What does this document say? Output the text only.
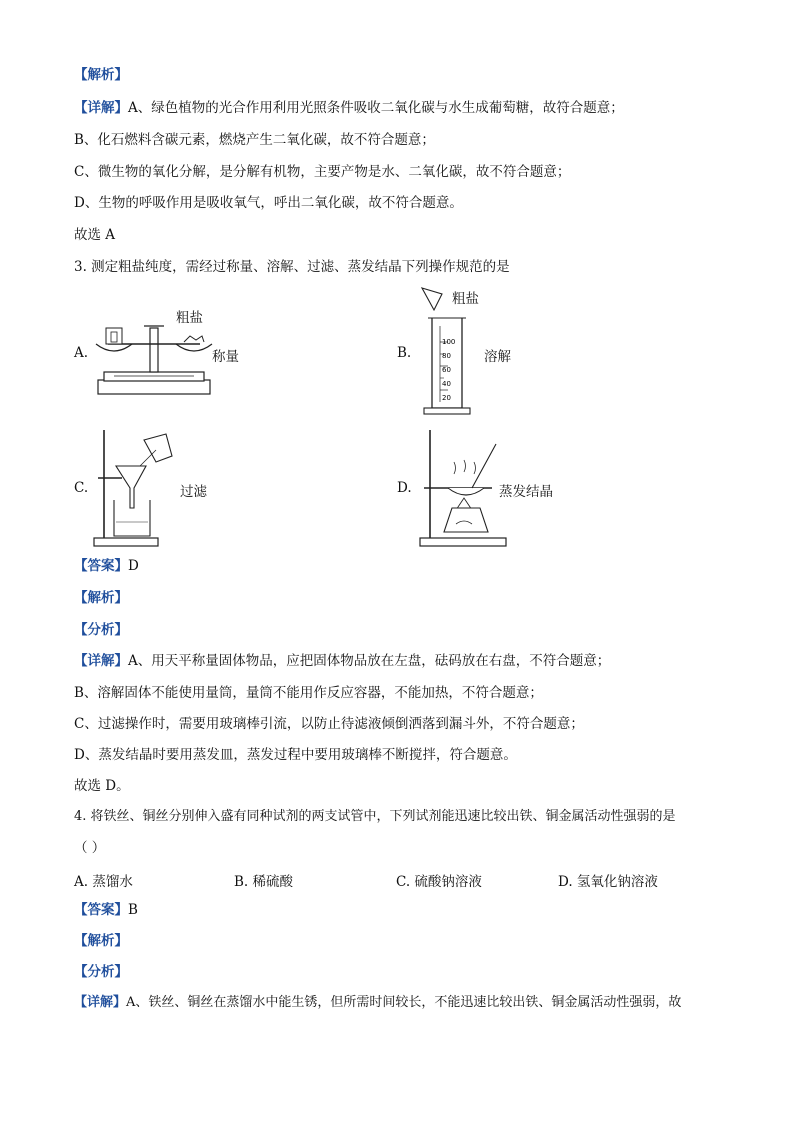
【解析】
【详解】A、绿色植物的光合作用利用光照条件吸收二氧化碳与水生成葡萄糖，故符合题意；
B、化石燃料含碳元素，燃烧产生二氧化碳，故不符合题意；
C、微生物的氧化分解，是分解有机物，主要产物是水、二氧化碳，故不符合题意；
D、生物的呼吸作用是吸收氧气，呼出二氧化碳，故不符合题意。
故选 A
3. 测定粗盐纯度，需经过称量、溶解、过滤、蒸发结晶下列操作规范的是
A.
粗盐
称量	B.
粗盐
溶解
100
80
60
40
20
C.	过滤	D.	蒸发结晶
【答案】D
【解析】
【分析】
【详解】A、用天平称量固体物品，应把固体物品放在左盘，砝码放在右盘，不符合题意；
B、溶解固体不能使用量筒，量筒不能用作反应容器，不能加热，不符合题意；
C、过滤操作时，需要用玻璃棒引流，以防止待滤液倾倒洒落到漏斗外，不符合题意；
D、蒸发结晶时要用蒸发皿，蒸发过程中要用玻璃棒不断搅拌，符合题意。
故选 D。
4. 将铁丝、铜丝分别伸入盛有同种试剂的两支试管中，下列试剂能迅速比较出铁、铜金属活动性强弱的是
（ ）
A. 蒸馏水	B. 稀硫酸	C. 硫酸钠溶液	D. 氢氧化钠溶液
【答案】B
【解析】
【分析】
【详解】A、铁丝、铜丝在蒸馏水中能生锈，但所需时间较长，不能迅速比较出铁、铜金属活动性强弱，故
